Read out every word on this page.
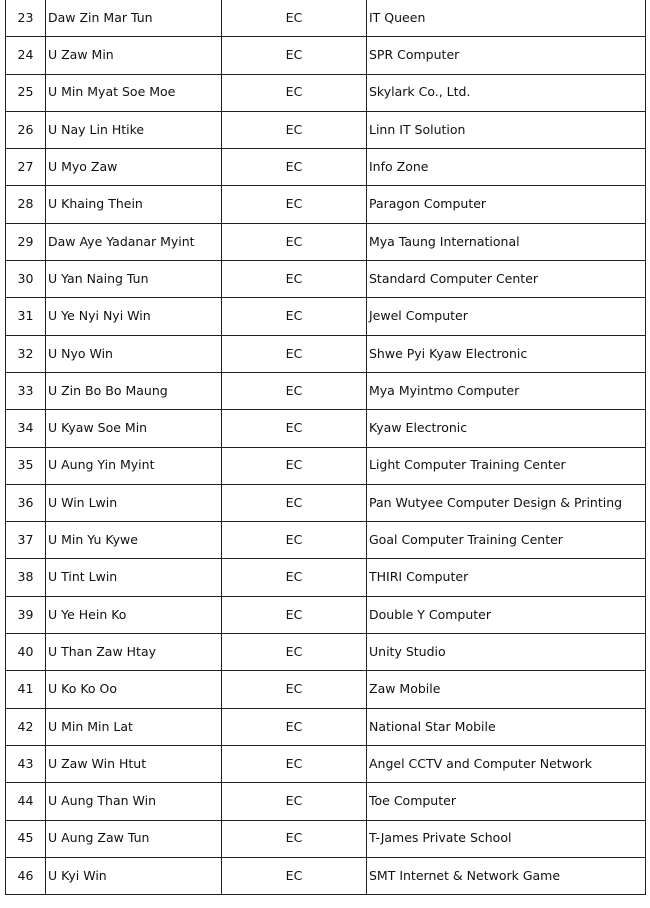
23	Daw Zin Mar Tun	EC	IT Queen
24	U Zaw Min	EC	SPR Computer
25	U Min Myat Soe Moe	EC	Skylark Co., Ltd.
26	U Nay Lin Htike	EC	Linn IT Solution
27	U Myo Zaw	EC	Info Zone
28	U Khaing Thein	EC	Paragon Computer
29	Daw Aye Yadanar Myint	EC	Mya Taung International
30	U Yan Naing Tun	EC	Standard Computer Center
31	U Ye Nyi Nyi Win	EC	Jewel Computer
32	U Nyo Win	EC	Shwe Pyi Kyaw Electronic
33	U Zin Bo Bo Maung	EC	Mya Myintmo Computer
34	U Kyaw Soe Min	EC	Kyaw Electronic
35	U Aung Yin Myint	EC	Light Computer Training Center
36	U Win Lwin	EC	Pan Wutyee Computer Design & Printing
37	U Min Yu Kywe	EC	Goal Computer Training Center
38	U Tint Lwin	EC	THIRI Computer
39	U Ye Hein Ko	EC	Double Y Computer
40	U Than Zaw Htay	EC	Unity Studio
41	U Ko Ko Oo	EC	Zaw Mobile
42	U Min Min Lat	EC	National Star Mobile
43	U Zaw Win Htut	EC	Angel CCTV and Computer Network
44	U Aung Than Win	EC	Toe Computer
45	U Aung Zaw Tun	EC	T-James Private School
46	U Kyi Win	EC	SMT Internet & Network Game
